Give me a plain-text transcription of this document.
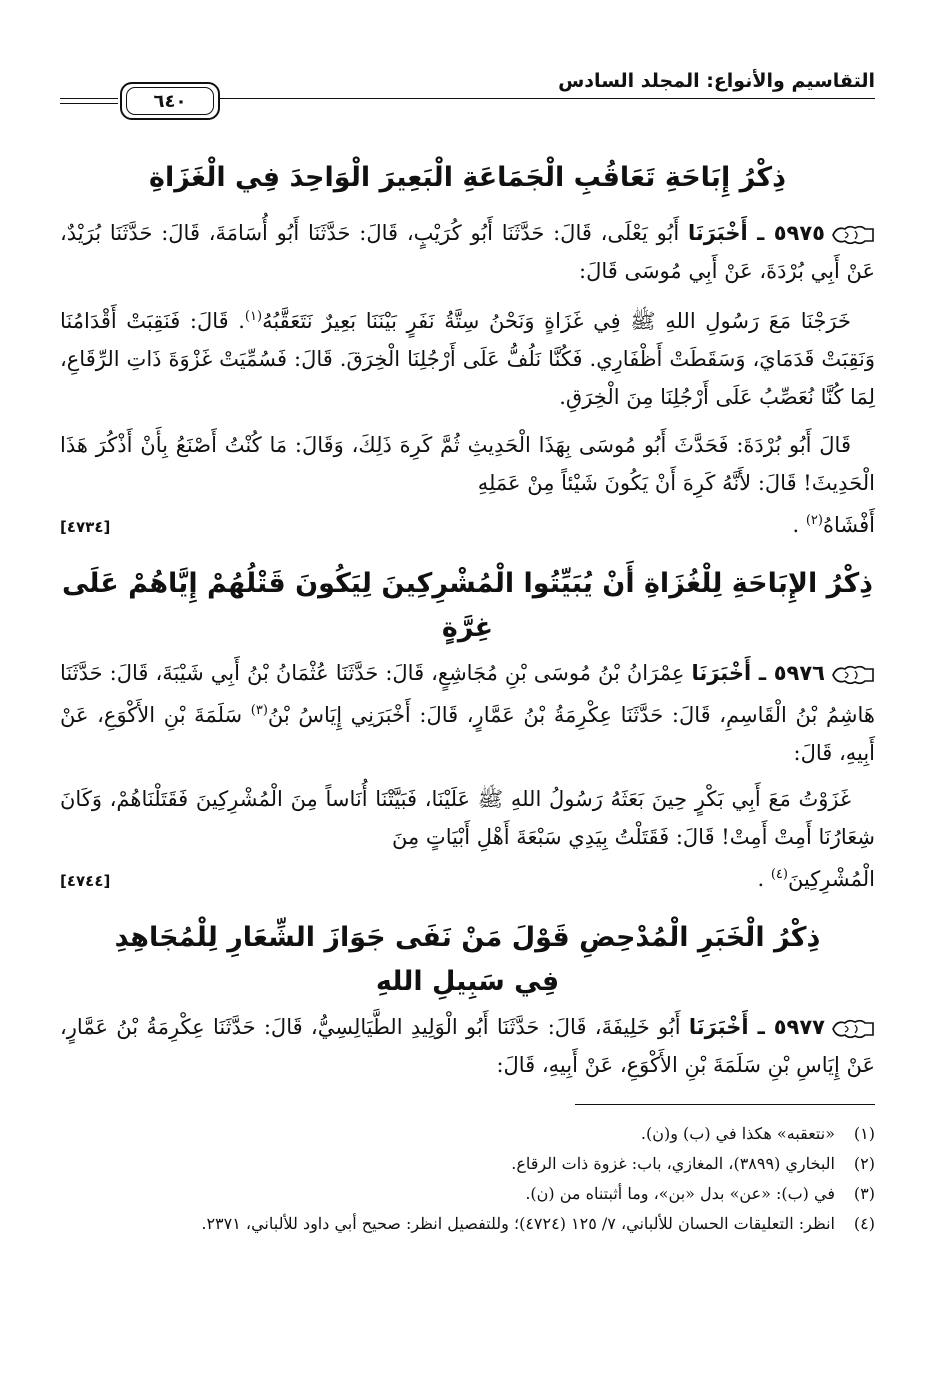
التقاسيم والأنواع: المجلد السادس
٦٤٠
ذِكْرُ إِبَاحَةِ تَعَاقُبِ الْجَمَاعَةِ الْبَعِيرَ الْوَاحِدَ فِي الْغَزَاةِ

٥٩٧٥ ـ أَخْبَرَنَا أَبُو يَعْلَى، قَالَ: حَدَّثَنَا أَبُو كُرَيْبٍ، قَالَ: حَدَّثَنَا أَبُو أُسَامَةَ، قَالَ: حَدَّثَنَا بُرَيْدٌ، عَنْ أَبِي بُرْدَةَ، عَنْ أَبِي مُوسَى قَالَ:

خَرَجْنَا مَعَ رَسُولِ اللهِ ﷺ فِي غَزَاةٍ وَنَحْنُ سِتَّةُ نَفَرٍ بَيْنَنَا بَعِيرٌ نَتَعَقَّبُهُ$^{(١)}$. قَالَ: فَنَقِبَتْ أَقْدَامُنَا وَنَقِبَتْ قَدَمَايَ، وَسَقَطَتْ أَظْفَارِي. فَكُنَّا نَلُفُّ عَلَى أَرْجُلِنَا الْخِرَقَ. قَالَ: فَسُمِّيَتْ غَزْوَةَ ذَاتِ الرِّقَاعِ، لِمَا كُنَّا نُعَصِّبُ عَلَى أَرْجُلِنَا مِنَ الْخِرَقِ.

قَالَ أَبُو بُرْدَةَ: فَحَدَّثَ أَبُو مُوسَى بِهَذَا الْحَدِيثِ ثُمَّ كَرِهَ ذَلِكَ، وَقَالَ: مَا كُنْتُ أَصْنَعُ بِأَنْ أَذْكُرَ هَذَا الْحَدِيثَ! قَالَ: لأَنَّهُ كَرِهَ أَنْ يَكُونَ شَيْئاً مِنْ عَمَلِهِ

أَفْشَاهُ$^{(٢)}$ .
[٤٧٣٤]
ذِكْرُ الإِبَاحَةِ لِلْغُزَاةِ أَنْ يُبَيِّتُوا الْمُشْرِكِينَ لِيَكُونَ قَتْلُهُمْ إِيَّاهُمْ عَلَى غِرَّةٍ

٥٩٧٦ ـ أَخْبَرَنَا عِمْرَانُ بْنُ مُوسَى بْنِ مُجَاشِعٍ، قَالَ: حَدَّثَنَا عُثْمَانُ بْنُ أَبِي شَيْبَةَ، قَالَ: حَدَّثَنَا هَاشِمُ بْنُ الْقَاسِمِ، قَالَ: حَدَّثَنَا عِكْرِمَةُ بْنُ عَمَّارٍ، قَالَ: أَخْبَرَنِي إِيَاسُ بْنُ$^{(٣)}$ سَلَمَةَ بْنِ الأَكْوَعِ، عَنْ أَبِيهِ، قَالَ:

غَزَوْتُ مَعَ أَبِي بَكْرٍ حِينَ بَعَثَهُ رَسُولُ اللهِ ﷺ عَلَيْنَا، فَبَيَّتْنَا أُنَاساً مِنَ الْمُشْرِكِينَ فَقَتَلْنَاهُمْ، وَكَانَ شِعَارُنَا أَمِتْ أَمِتْ! قَالَ: فَقَتَلْتُ بِيَدِي سَبْعَةَ أَهْلِ أَبْيَاتٍ مِنَ

الْمُشْرِكِينَ$^{(٤)}$ .
[٤٧٤٤]
ذِكْرُ الْخَبَرِ الْمُدْحِضِ قَوْلَ مَنْ نَفَى جَوَازَ الشِّعَارِ لِلْمُجَاهِدِ
فِي سَبِيلِ اللهِ

٥٩٧٧ ـ أَخْبَرَنَا أَبُو خَلِيفَةَ، قَالَ: حَدَّثَنَا أَبُو الْوَلِيدِ الطَّيَالِسِيُّ، قَالَ: حَدَّثَنَا عِكْرِمَةُ بْنُ عَمَّارٍ، عَنْ إِيَاسِ بْنِ سَلَمَةَ بْنِ الأَكْوَعِ، عَنْ أَبِيهِ، قَالَ:

(١)
«نتعقبه» هكذا في (ب) و(ن).
(٢)
البخاري (٣٨٩٩)، المغازي، باب: غزوة ذات الرقاع.
(٣)
في (ب): «عن» بدل «بن»، وما أثبتناه من (ن).
(٤)
انظر: التعليقات الحسان للألباني، ٧/ ١٢٥ (٤٧٢٤)؛ وللتفصيل انظر: صحيح أبي داود للألباني، ٢٣٧١.
